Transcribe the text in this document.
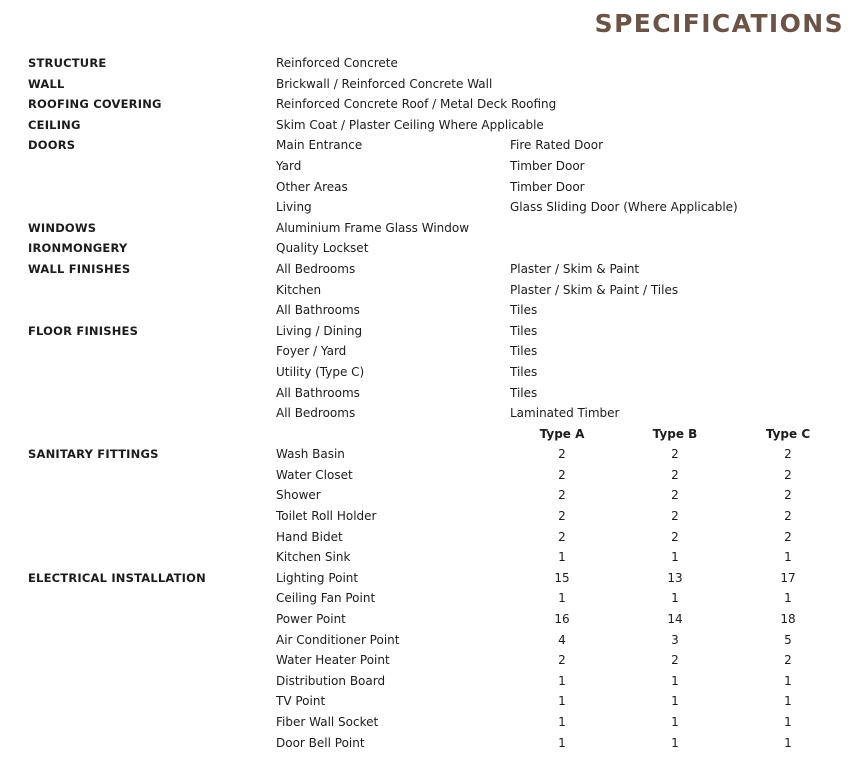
SPECIFICATIONS
STRUCTURE	Reinforced Concrete
WALL	Brickwall / Reinforced Concrete Wall
ROOFING COVERING	Reinforced Concrete Roof / Metal Deck Roofing
CEILING	Skim Coat / Plaster Ceiling Where Applicable
DOORS	Main Entrance	Fire Rated Door
Yard	Timber Door
Other Areas	Timber Door
Living	Glass Sliding Door (Where Applicable)
WINDOWS	Aluminium Frame Glass Window
IRONMONGERY	Quality Lockset
WALL FINISHES	All Bedrooms	Plaster / Skim & Paint
Kitchen	Plaster / Skim & Paint / Tiles
All Bathrooms	Tiles
FLOOR FINISHES	Living / Dining	Tiles
Foyer / Yard	Tiles
Utility (Type C)	Tiles
All Bathrooms	Tiles
All Bedrooms	Laminated Timber
Type A	Type B	Type C
SANITARY FITTINGS	Wash Basin	2	2	2
Water Closet	2	2	2
Shower	2	2	2
Toilet Roll Holder	2	2	2
Hand Bidet	2	2	2
Kitchen Sink	1	1	1
ELECTRICAL INSTALLATION	Lighting Point	15	13	17
Ceiling Fan Point	1	1	1
Power Point	16	14	18
Air Conditioner Point	4	3	5
Water Heater Point	2	2	2
Distribution Board	1	1	1
TV Point	1	1	1
Fiber Wall Socket	1	1	1
Door Bell Point	1	1	1
